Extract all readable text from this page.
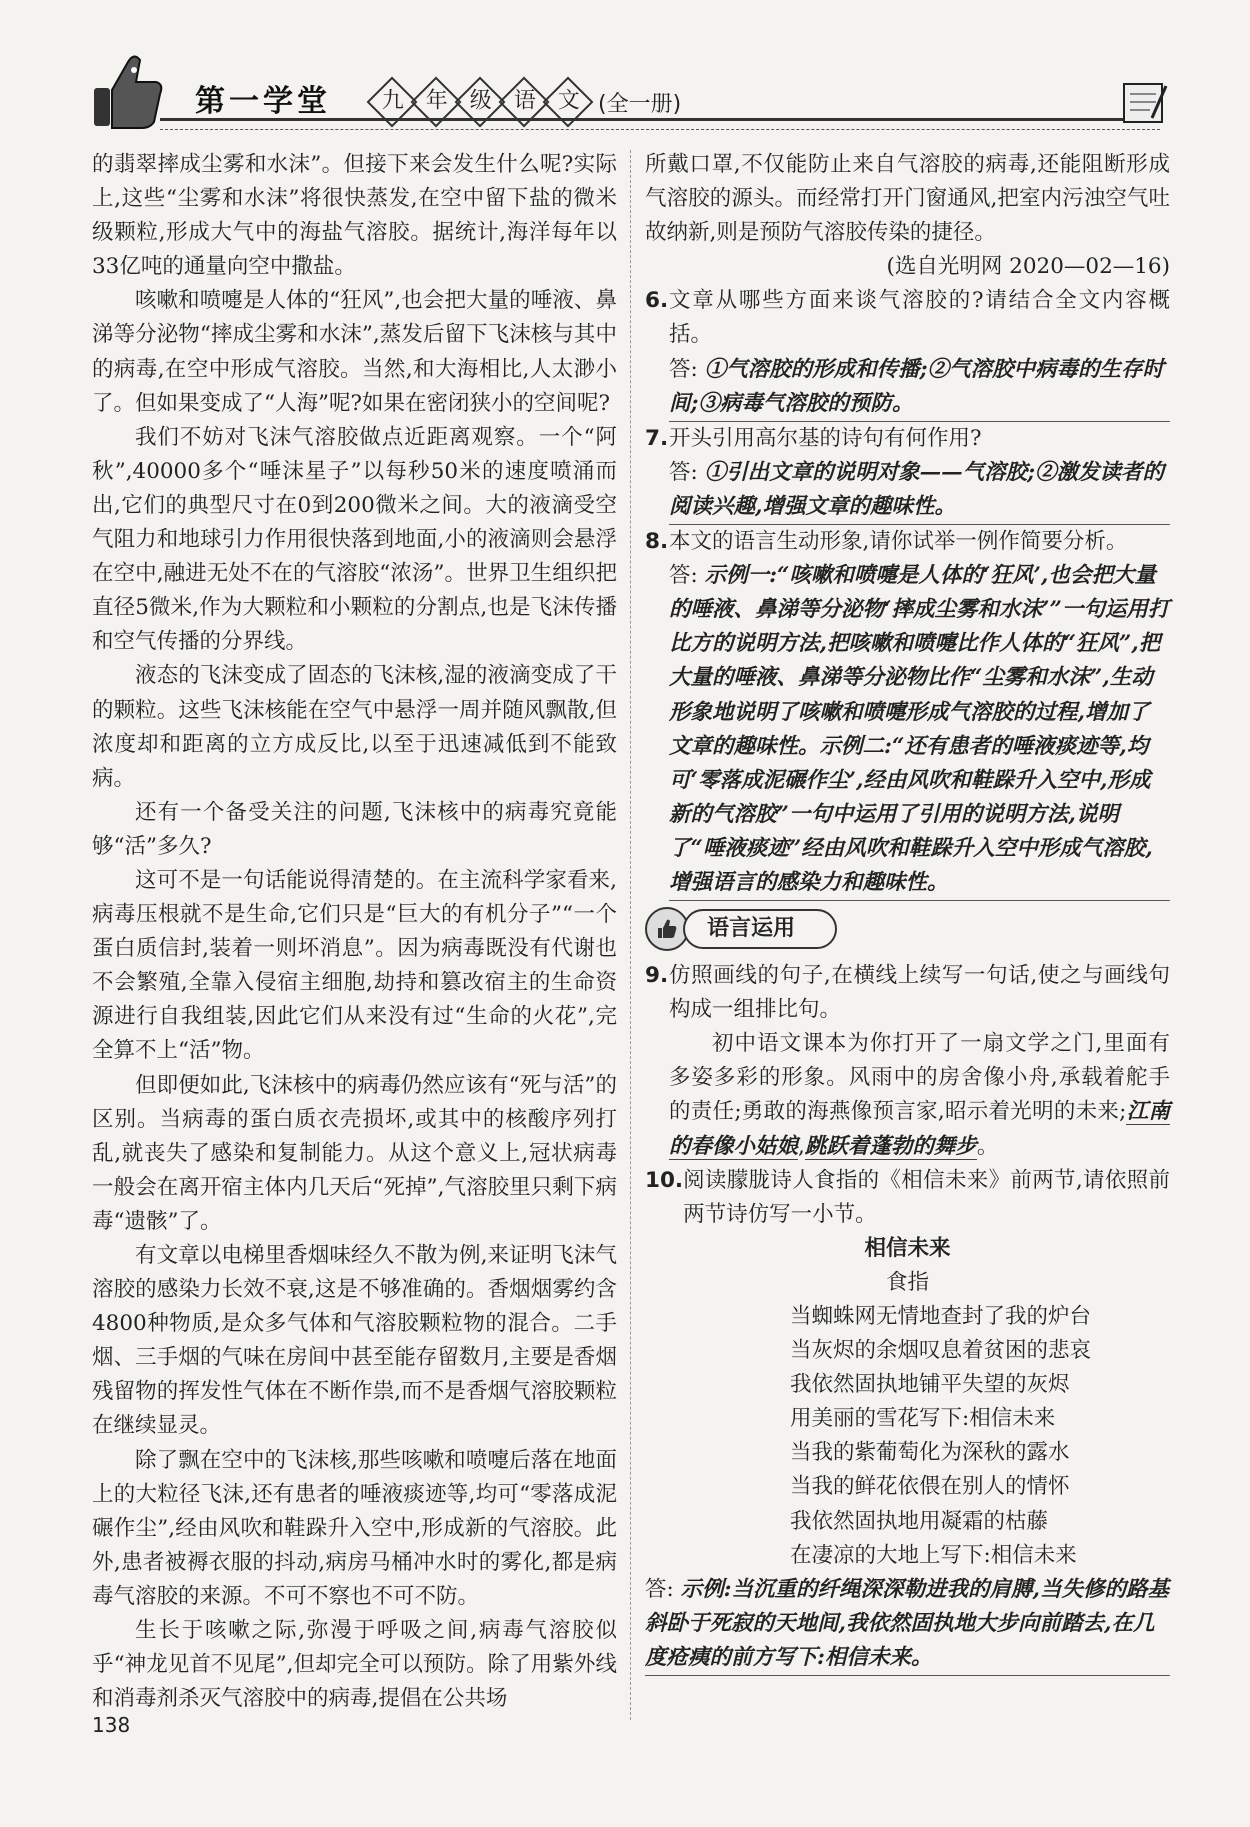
第一学堂 九 年 级 语 文 (全一册)

的翡翠摔成尘雾和水沫”。但接下来会发生什么呢?实际上,这些“尘雾和水沫”将很快蒸发,在空中留下盐的微米级颗粒,形成大气中的海盐气溶胶。据统计,海洋每年以33亿吨的通量向空中撒盐。

咳嗽和喷嚏是人体的“狂风”,也会把大量的唾液、鼻涕等分泌物“摔成尘雾和水沫”,蒸发后留下飞沫核与其中的病毒,在空中形成气溶胶。当然,和大海相比,人太渺小了。但如果变成了“人海”呢?如果在密闭狭小的空间呢?

我们不妨对飞沫气溶胶做点近距离观察。一个“阿秋”,40000多个“唾沫星子”以每秒50米的速度喷涌而出,它们的典型尺寸在0到200微米之间。大的液滴受空气阻力和地球引力作用很快落到地面,小的液滴则会悬浮在空中,融进无处不在的气溶胶“浓汤”。世界卫生组织把直径5微米,作为大颗粒和小颗粒的分割点,也是飞沫传播和空气传播的分界线。

液态的飞沫变成了固态的飞沫核,湿的液滴变成了干的颗粒。这些飞沫核能在空气中悬浮一周并随风飘散,但浓度却和距离的立方成反比,以至于迅速减低到不能致病。

还有一个备受关注的问题,飞沫核中的病毒究竟能够“活”多久?

这可不是一句话能说得清楚的。在主流科学家看来,病毒压根就不是生命,它们只是“巨大的有机分子”“一个蛋白质信封,装着一则坏消息”。因为病毒既没有代谢也不会繁殖,全靠入侵宿主细胞,劫持和篡改宿主的生命资源进行自我组装,因此它们从来没有过“生命的火花”,完全算不上“活”物。

但即便如此,飞沫核中的病毒仍然应该有“死与活”的区别。当病毒的蛋白质衣壳损坏,或其中的核酸序列打乱,就丧失了感染和复制能力。从这个意义上,冠状病毒一般会在离开宿主体内几天后“死掉”,气溶胶里只剩下病毒“遗骸”了。

有文章以电梯里香烟味经久不散为例,来证明飞沫气溶胶的感染力长效不衰,这是不够准确的。香烟烟雾约含4800种物质,是众多气体和气溶胶颗粒物的混合。二手烟、三手烟的气味在房间中甚至能存留数月,主要是香烟残留物的挥发性气体在不断作祟,而不是香烟气溶胶颗粒在继续显灵。

除了飘在空中的飞沫核,那些咳嗽和喷嚏后落在地面上的大粒径飞沫,还有患者的唾液痰迹等,均可“零落成泥碾作尘”,经由风吹和鞋跺升入空中,形成新的气溶胶。此外,患者被褥衣服的抖动,病房马桶冲水时的雾化,都是病毒气溶胶的来源。不可不察也不可不防。

生长于咳嗽之际,弥漫于呼吸之间,病毒气溶胶似乎“神龙见首不见尾”,但却完全可以预防。除了用紫外线和消毒剂杀灭气溶胶中的病毒,提倡在公共场

所戴口罩,不仅能防止来自气溶胶的病毒,还能阻断形成气溶胶的源头。而经常打开门窗通风,把室内污浊空气吐故纳新,则是预防气溶胶传染的捷径。

(选自光明网 2020—02—16)

6. 文章从哪些方面来谈气溶胶的?请结合全文内容概括。
答: ①气溶胶的形成和传播;②气溶胶中病毒的生存时间;③病毒气溶胶的预防。
7. 开头引用高尔基的诗句有何作用?
答: ①引出文章的说明对象——气溶胶;②激发读者的阅读兴趣,增强文章的趣味性。
8. 本文的语言生动形象,请你试举一例作简要分析。
答: 示例一:“咳嗽和喷嚏是人体的‘狂风’,也会把大量的唾液、鼻涕等分泌物‘摔成尘雾和水沫’”一句运用打比方的说明方法,把咳嗽和喷嚏比作人体的“狂风”,把大量的唾液、鼻涕等分泌物比作“尘雾和水沫”,生动形象地说明了咳嗽和喷嚏形成气溶胶的过程,增加了文章的趣味性。示例二:“还有患者的唾液痰迹等,均可‘零落成泥碾作尘’,经由风吹和鞋跺升入空中,形成新的气溶胶”一句中运用了引用的说明方法,说明了“唾液痰迹”经由风吹和鞋跺升入空中形成气溶胶,增强语言的感染力和趣味性。
语言运用
9. 仿照画线的句子,在横线上续写一句话,使之与画线句构成一组排比句。

初中语文课本为你打开了一扇文学之门,里面有多姿多彩的形象。风雨中的房舍像小舟,承载着舵手的责任;勇敢的海燕像预言家,昭示着光明的未来;江南的春像小姑娘,跳跃着蓬勃的舞步。

10. 阅读朦胧诗人食指的《相信未来》前两节,请依照前两节诗仿写一小节。
相信未来
食指
当蜘蛛网无情地查封了我的炉台
当灰烬的余烟叹息着贫困的悲哀
我依然固执地铺平失望的灰烬
用美丽的雪花写下:相信未来
当我的紫葡萄化为深秋的露水
当我的鲜花依偎在别人的情怀
我依然固执地用凝霜的枯藤
在凄凉的大地上写下:相信未来
答: 示例:当沉重的纤绳深深勒进我的肩膊,当失修的路基斜卧于死寂的天地间,我依然固执地大步向前踏去,在几度疮痍的前方写下:相信未来。
138
